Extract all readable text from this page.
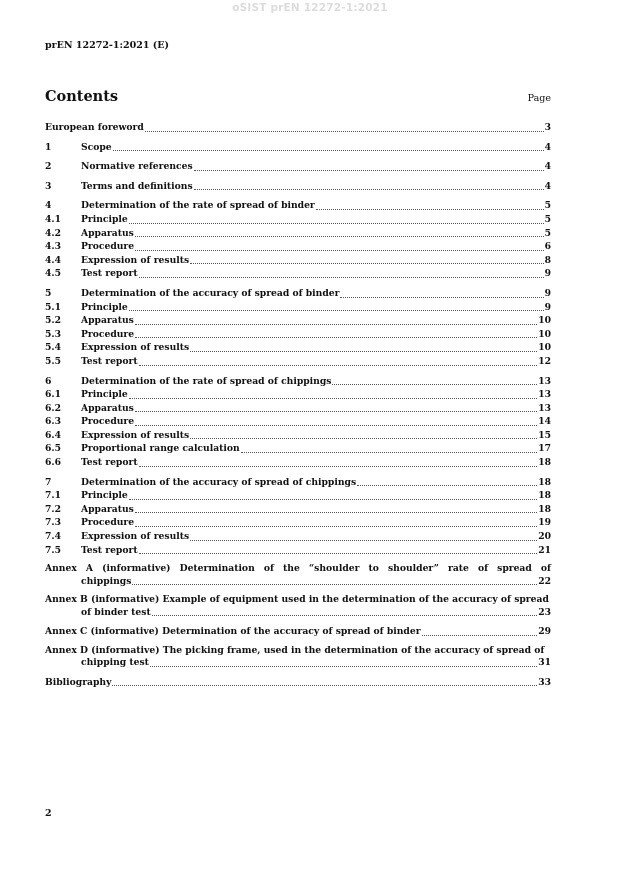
oSIST prEN 12272-1:2021
prEN 12272-1:2021 (E)
Contents	Page
European foreword	3
1	Scope	4
2	Normative references	4
3	Terms and definitions	4
4	Determination of the rate of spread of binder	5
4.1	Principle	5
4.2	Apparatus	5
4.3	Procedure	6
4.4	Expression of results	8
4.5	Test report	9
5	Determination of the accuracy of spread of binder	9
5.1	Principle	9
5.2	Apparatus	10
5.3	Procedure	10
5.4	Expression of results	10
5.5	Test report	12
6	Determination of the rate of spread of chippings	13
6.1	Principle	13
6.2	Apparatus	13
6.3	Procedure	14
6.4	Expression of results	15
6.5	Proportional range calculation	17
6.6	Test report	18
7	Determination of the accuracy of spread of chippings	18
7.1	Principle	18
7.2	Apparatus	18
7.3	Procedure	19
7.4	Expression of results	20
7.5	Test report	21
Annex A (informative) Determination of the “shoulder to shoulder” rate of spread of
chippings	22
Annex B (informative) Example of equipment used in the determination of the accuracy of spread
of binder test	23
Annex C (informative) Determination of the accuracy of spread of binder	29
Annex D (informative) The picking frame, used in the determination of the accuracy of spread of
chipping test	31
Bibliography	33
2
